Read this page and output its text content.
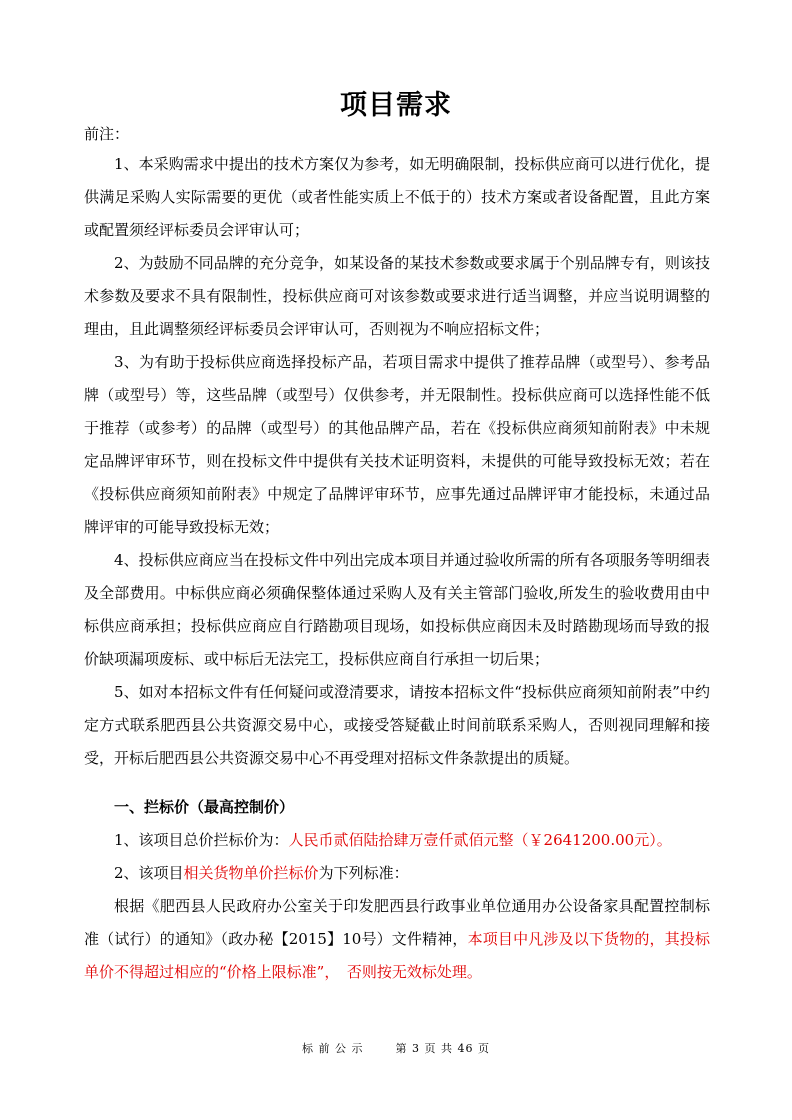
项目需求
前注：

1、本采购需求中提出的技术方案仅为参考，如无明确限制，投标供应商可以进行优化，提供满足采购人实际需要的更优（或者性能实质上不低于的）技术方案或者设备配置，且此方案或配置须经评标委员会评审认可；

2、为鼓励不同品牌的充分竞争，如某设备的某技术参数或要求属于个别品牌专有，则该技术参数及要求不具有限制性，投标供应商可对该参数或要求进行适当调整，并应当说明调整的理由，且此调整须经评标委员会评审认可，否则视为不响应招标文件；

3、为有助于投标供应商选择投标产品，若项目需求中提供了推荐品牌（或型号）、参考品牌（或型号）等，这些品牌（或型号）仅供参考，并无限制性。投标供应商可以选择性能不低于推荐（或参考）的品牌（或型号）的其他品牌产品，若在《投标供应商须知前附表》中未规定品牌评审环节，则在投标文件中提供有关技术证明资料，未提供的可能导致投标无效；若在《投标供应商须知前附表》中规定了品牌评审环节，应事先通过品牌评审才能投标，未通过品牌评审的可能导致投标无效；

4、投标供应商应当在投标文件中列出完成本项目并通过验收所需的所有各项服务等明细表及全部费用。中标供应商必须确保整体通过采购人及有关主管部门验收,所发生的验收费用由中标供应商承担；投标供应商应自行踏勘项目现场，如投标供应商因未及时踏勘现场而导致的报价缺项漏项废标、或中标后无法完工，投标供应商自行承担一切后果；

5、如对本招标文件有任何疑问或澄清要求，请按本招标文件“投标供应商须知前附表”中约定方式联系肥西县公共资源交易中心，或接受答疑截止时间前联系采购人，否则视同理解和接受，开标后肥西县公共资源交易中心不再受理对招标文件条款提出的质疑。

一、拦标价（最高控制价）

1、该项目总价拦标价为：人民币贰佰陆拾肆万壹仟贰佰元整（￥2641200.00元）。

2、该项目相关货物单价拦标价为下列标准：

根据《肥西县人民政府办公室关于印发肥西县行政事业单位通用办公设备家具配置控制标准（试行）的通知》（政办秘【2015】10号）文件精神，本项目中凡涉及以下货物的，其投标单价不得超过相应的“价格上限标准”，　否则按无效标处理。

标 前 公 示	第 3 页 共 46 页
